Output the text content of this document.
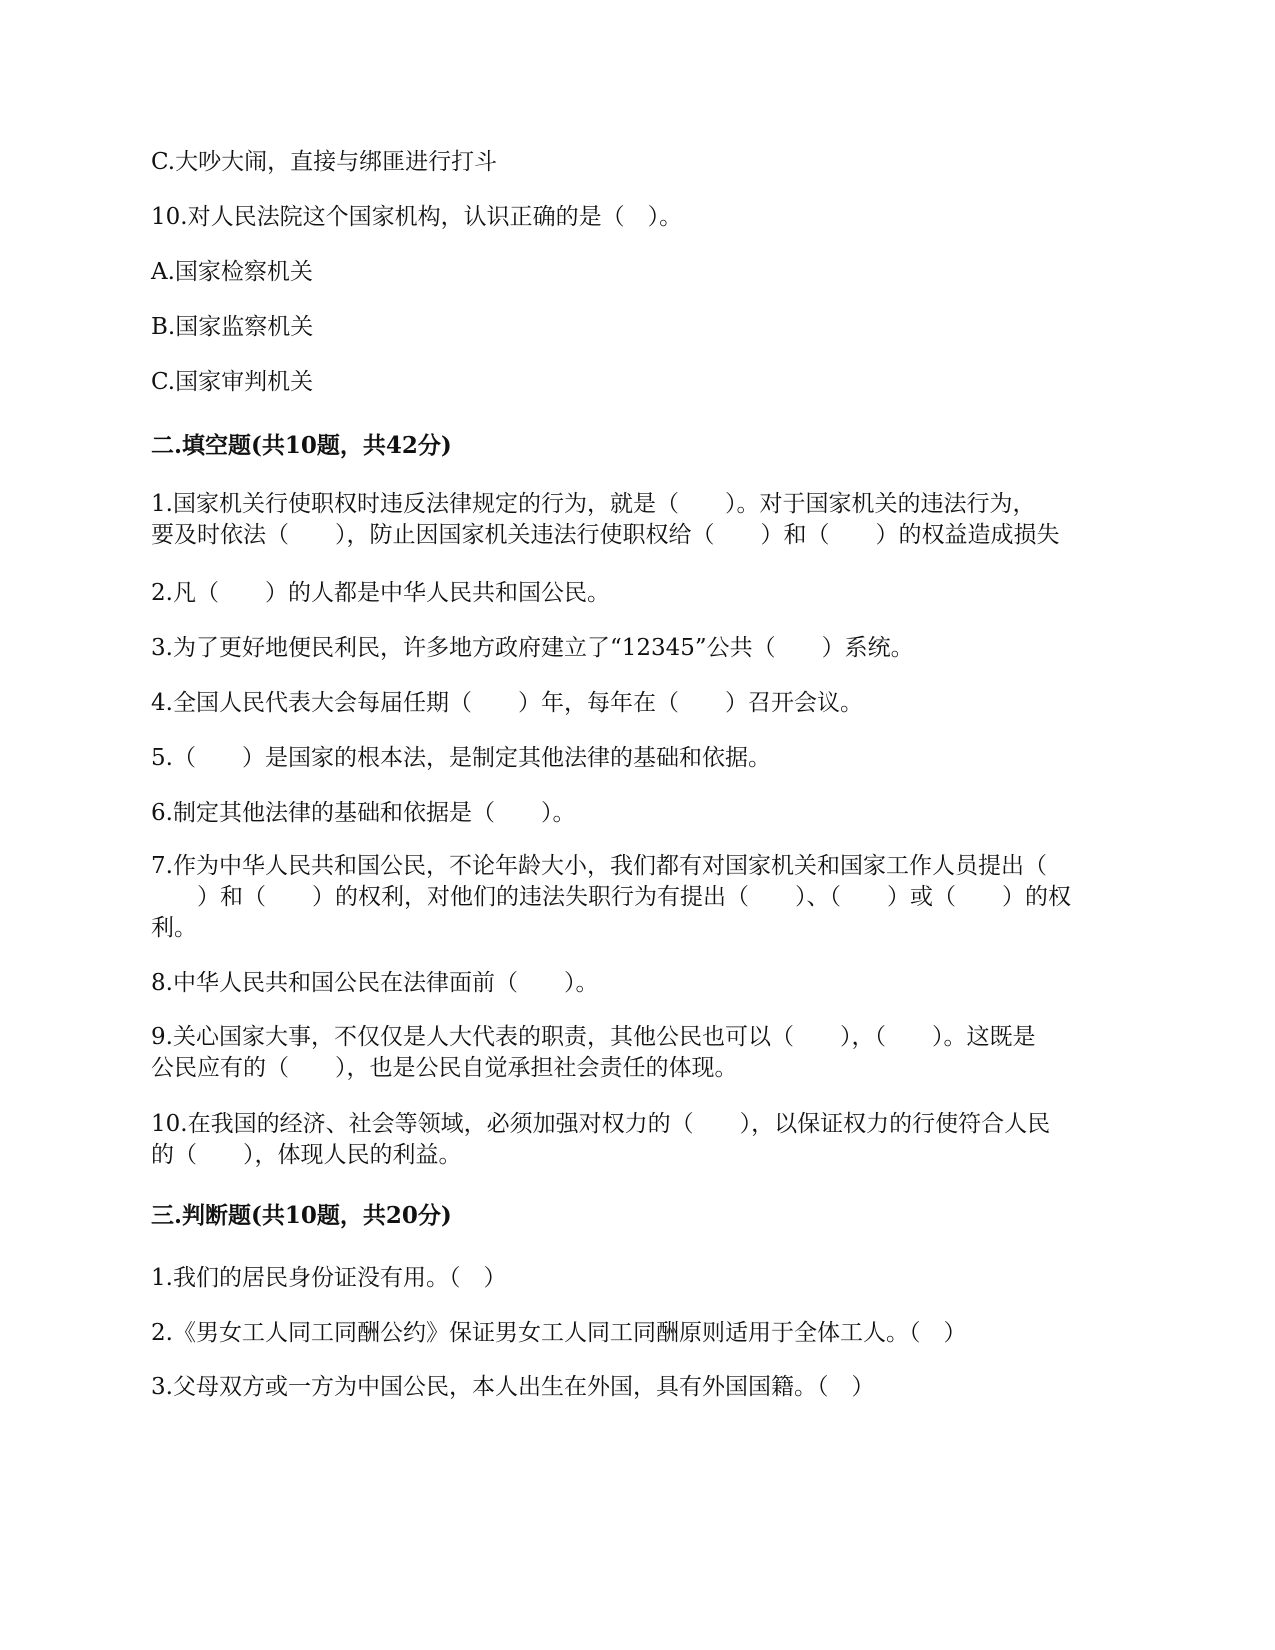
C.大吵大闹，直接与绑匪进行打斗
10.对人民法院这个国家机构，认识正确的是（　）。
A.国家检察机关
B.国家监察机关
C.国家审判机关
二.填空题(共10题，共42分)
1.国家机关行使职权时违反法律规定的行为，就是（　　）。对于国家机关的违法行为，
要及时依法（　　），防止因国家机关违法行使职权给（　　）和（　　）的权益造成损失
2.凡（　　）的人都是中华人民共和国公民。
3.为了更好地便民利民，许多地方政府建立了“12345”公共（　　）系统。
4.全国人民代表大会每届任期（　　）年，每年在（　　）召开会议。
5.（　　）是国家的根本法，是制定其他法律的基础和依据。
6.制定其他法律的基础和依据是（　　）。
7.作为中华人民共和国公民，不论年龄大小，我们都有对国家机关和国家工作人员提出（
　　）和（　　）的权利，对他们的违法失职行为有提出（　　）、（　　）或（　　）的权
利。
8.中华人民共和国公民在法律面前（　　）。
9.关心国家大事，不仅仅是人大代表的职责，其他公民也可以（　　），（　　）。这既是
公民应有的（　　），也是公民自觉承担社会责任的体现。
10.在我国的经济、社会等领域，必须加强对权力的（　　），以保证权力的行使符合人民
的（　　），体现人民的利益。
三.判断题(共10题，共20分)
1.我们的居民身份证没有用。（　）
2.《男女工人同工同酬公约》保证男女工人同工同酬原则适用于全体工人。（　）
3.父母双方或一方为中国公民，本人出生在外国，具有外国国籍。（　）
